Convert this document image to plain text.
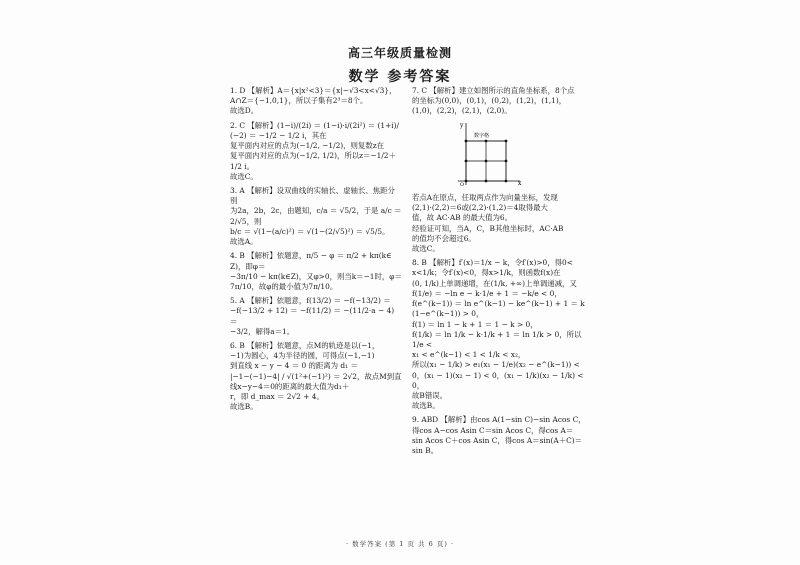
高三年级质量检测
数学 参考答案

1. D 【解析】A＝{x|x²<3}＝{x|−√3<x<√3}，

A∩Z＝{−1,0,1}，所以子集有2³＝8个。

故选D。

2. C 【解析】(1−i)/(2i) ＝ (1−i)·i/(2i²) ＝ (1+i)/(−2) ＝ −1/2 − 1/2 i，其在

复平面内对应的点为(−1/2, −1/2)，则复数z在

复平面内对应的点为(−1/2, 1/2)，所以z＝−1/2＋

1/2 i。

故选C。

3. A 【解析】设双曲线的实轴长、虚轴长、焦距分别

为2a，2b，2c，由题知，c/a ＝ √5/2，于是 a/c ＝ 2/√5，则

b/c ＝ √(1−(a/c)²) ＝ √(1−(2/√5)²) ＝ √5/5。

故选A。

4. B 【解析】依题意，π/5 − φ ＝ π/2 + kπ(k∈Z)，即φ＝

−3π/10 − kπ(k∈Z)，又φ>0，则当k＝−1时，φ＝

7π/10，故φ的最小值为7π/10。

5. A 【解析】依题意，f(13/2) ＝ −f(−13/2) ＝

−f(−13/2 + 12) ＝ −f(11/2) ＝ −(11/2·a − 4) ＝

−3/2，解得a＝1。

6. B 【解析】依题意，点M的轨迹是以(−1，

−1)为圆心，4为半径的圆，可得点(−1,−1)

到直线 x − y − 4 ＝ 0 的距离为 d₁ ＝

|−1−(−1)−4| / √(1²+(−1)²) ＝ 2√2，故点M到直线x−y−4＝0的距离的最大值为d₁＋

r，即 d_max ＝ 2√2 + 4。

故选B。

7. C 【解析】建立如图所示的直角坐标系，8个点

的坐标为(0,0)，(0,1)，(0,2)，(1,2)，(1,1)，

(1,0)，(2,2)，(2,1)，(2,0)。

x
y
O
数字格

若点A在原点，任取两点作为向量坐标，发现

(2,1)·(2,2)＝6或(2,2)·(1,2)＝4取得最大

值，故 AC·AB 的最大值为6。

经验证可知，当A，C，B其他坐标时，AC·AB

的值均不会超过6。

故选C。

8. B 【解析】f′(x)＝1/x − k，令f′(x)>0，得0<

x<1/k；令f′(x)<0，得x>1/k，则函数f(x)在

(0, 1/k)上单调递增，在(1/k, +∞)上单调递减，又

f(1/e) ＝ −ln e − k·1/e + 1 ＝ −k/e < 0，

f(e^(k−1)) ＝ ln e^(k−1) − ke^(k−1) + 1 ＝ k(1−e^(k−1)) > 0，

f(1) ＝ ln 1 − k + 1 ＝ 1 − k > 0，

f(1/k) ＝ ln 1/k − k·1/k + 1 ＝ ln 1/k > 0，所以 1/e <

x₁ < e^(k−1) < 1 < 1/k < x₂，

所以(x₁ − 1/k) > e₁(x₁ − 1/e)(x₂ − e^(k−1)) <

0，(x₁ − 1)(x₂ − 1) < 0，(x₁ − 1/k)(x₂ − 1/k) < 0，

故B错误。

故选B。

9. ABD 【解析】由cos A(1−sin C)−sin Acos C，

得cos A−cos Asin C＝sin Acos C，得cos A＝

sin Acos C＋cos Asin C，得cos A＝sin(A＋C)＝

sin B。

· 数学答案 (第 1 页 共 6 页) ·
